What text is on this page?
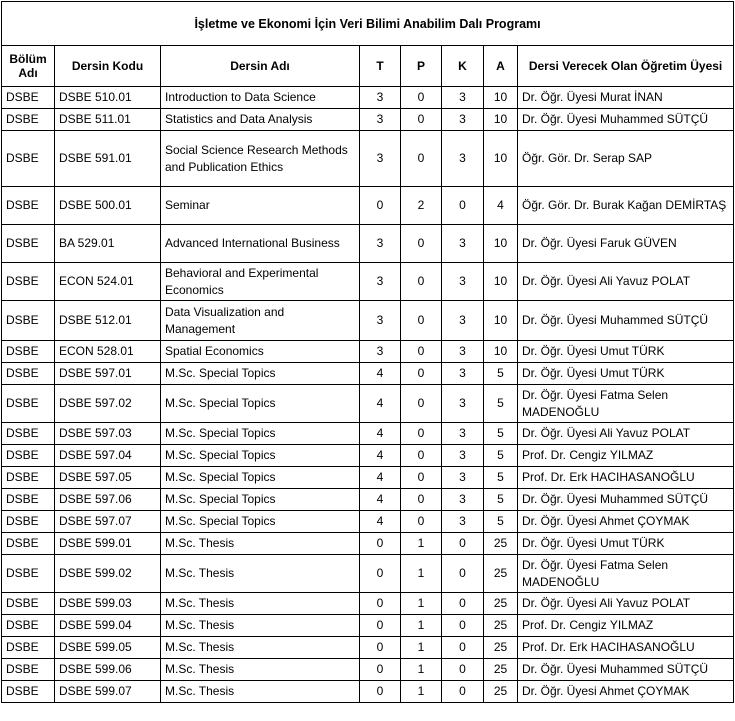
İşletme ve Ekonomi İçin Veri Bilimi Anabilim Dalı Programı							
Bölüm Adı	Dersin Kodu	Dersin Adı	T	P	K	A	Dersi Verecek Olan Öğretim Üyesi
DSBE	DSBE 510.01	Introduction to Data Science	3	0	3	10	Dr. Öğr. Üyesi Murat İNAN
DSBE	DSBE 511.01	Statistics and Data Analysis	3	0	3	10	Dr. Öğr. Üyesi Muhammed SÜTÇÜ
DSBE	DSBE 591.01	Social Science Research Methods and Publication Ethics	3	0	3	10	Öğr. Gör. Dr. Serap SAP
DSBE	DSBE 500.01	Seminar	0	2	0	4	Öğr. Gör. Dr. Burak Kağan DEMİRTAŞ
DSBE	BA 529.01	Advanced International Business	3	0	3	10	Dr. Öğr. Üyesi Faruk GÜVEN
DSBE	ECON 524.01	Behavioral and Experimental Economics	3	0	3	10	Dr. Öğr. Üyesi Ali Yavuz POLAT
DSBE	DSBE 512.01	Data Visualization and Management	3	0	3	10	Dr. Öğr. Üyesi Muhammed SÜTÇÜ
DSBE	ECON 528.01	Spatial Economics	3	0	3	10	Dr. Öğr. Üyesi Umut TÜRK
DSBE	DSBE 597.01	M.Sc. Special Topics	4	0	3	5	Dr. Öğr. Üyesi Umut TÜRK
DSBE	DSBE 597.02	M.Sc. Special Topics	4	0	3	5	Dr. Öğr. Üyesi Fatma Selen MADENOĞLU
DSBE	DSBE 597.03	M.Sc. Special Topics	4	0	3	5	Dr. Öğr. Üyesi Ali Yavuz POLAT
DSBE	DSBE 597.04	M.Sc. Special Topics	4	0	3	5	Prof. Dr. Cengiz YILMAZ
DSBE	DSBE 597.05	M.Sc. Special Topics	4	0	3	5	Prof. Dr. Erk HACIHASANOĞLU
DSBE	DSBE 597.06	M.Sc. Special Topics	4	0	3	5	Dr. Öğr. Üyesi Muhammed SÜTÇÜ
DSBE	DSBE 597.07	M.Sc. Special Topics	4	0	3	5	Dr. Öğr. Üyesi Ahmet ÇOYMAK
DSBE	DSBE 599.01	M.Sc. Thesis	0	1	0	25	Dr. Öğr. Üyesi Umut TÜRK
DSBE	DSBE 599.02	M.Sc. Thesis	0	1	0	25	Dr. Öğr. Üyesi Fatma Selen MADENOĞLU
DSBE	DSBE 599.03	M.Sc. Thesis	0	1	0	25	Dr. Öğr. Üyesi Ali Yavuz POLAT
DSBE	DSBE 599.04	M.Sc. Thesis	0	1	0	25	Prof. Dr. Cengiz YILMAZ
DSBE	DSBE 599.05	M.Sc. Thesis	0	1	0	25	Prof. Dr. Erk HACIHASANOĞLU
DSBE	DSBE 599.06	M.Sc. Thesis	0	1	0	25	Dr. Öğr. Üyesi Muhammed SÜTÇÜ
DSBE	DSBE 599.07	M.Sc. Thesis	0	1	0	25	Dr. Öğr. Üyesi Ahmet ÇOYMAK
